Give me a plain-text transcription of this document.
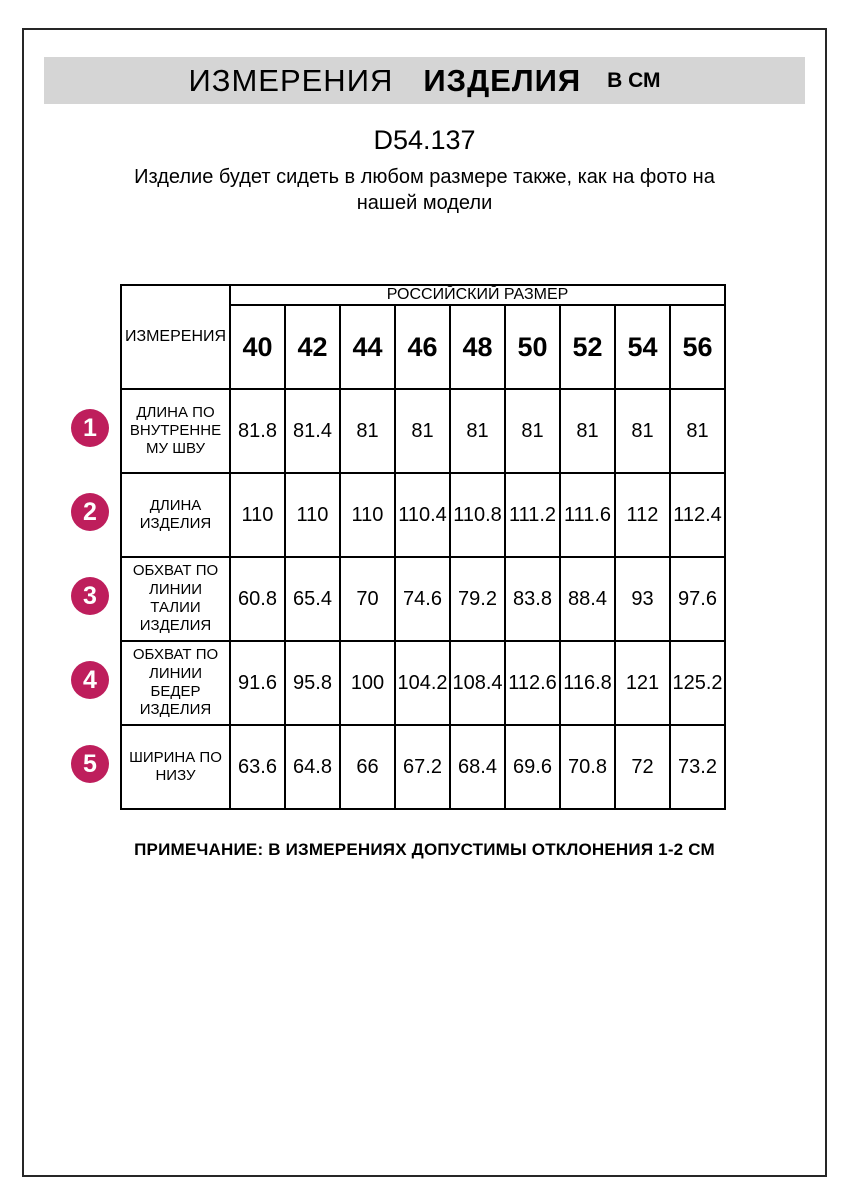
ИЗМЕРЕНИЯ ИЗДЕЛИЯ В СМ
D54.137
Изделие будет сидеть в любом размере также, как на фото на нашей модели
1
2
3
4
5
ИЗМЕРЕНИЯ	РОССИЙСКИЙ РАЗМЕР								
	40	42	44	46	48	50	52	54	56
ДЛИНА ПО ВНУТРЕННЕМУ ШВУ	81.8	81.4	81	81	81	81	81	81	81
ДЛИНА ИЗДЕЛИЯ	110	110	110	110.4	110.8	111.2	111.6	112	112.4
ОБХВАТ ПО ЛИНИИ ТАЛИИ ИЗДЕЛИЯ	60.8	65.4	70	74.6	79.2	83.8	88.4	93	97.6
ОБХВАТ ПО ЛИНИИ БЕДЕР ИЗДЕЛИЯ	91.6	95.8	100	104.2	108.4	112.6	116.8	121	125.2
ШИРИНА ПО НИЗУ	63.6	64.8	66	67.2	68.4	69.6	70.8	72	73.2
ПРИМЕЧАНИЕ: В ИЗМЕРЕНИЯХ ДОПУСТИМЫ ОТКЛОНЕНИЯ 1-2 СМ
